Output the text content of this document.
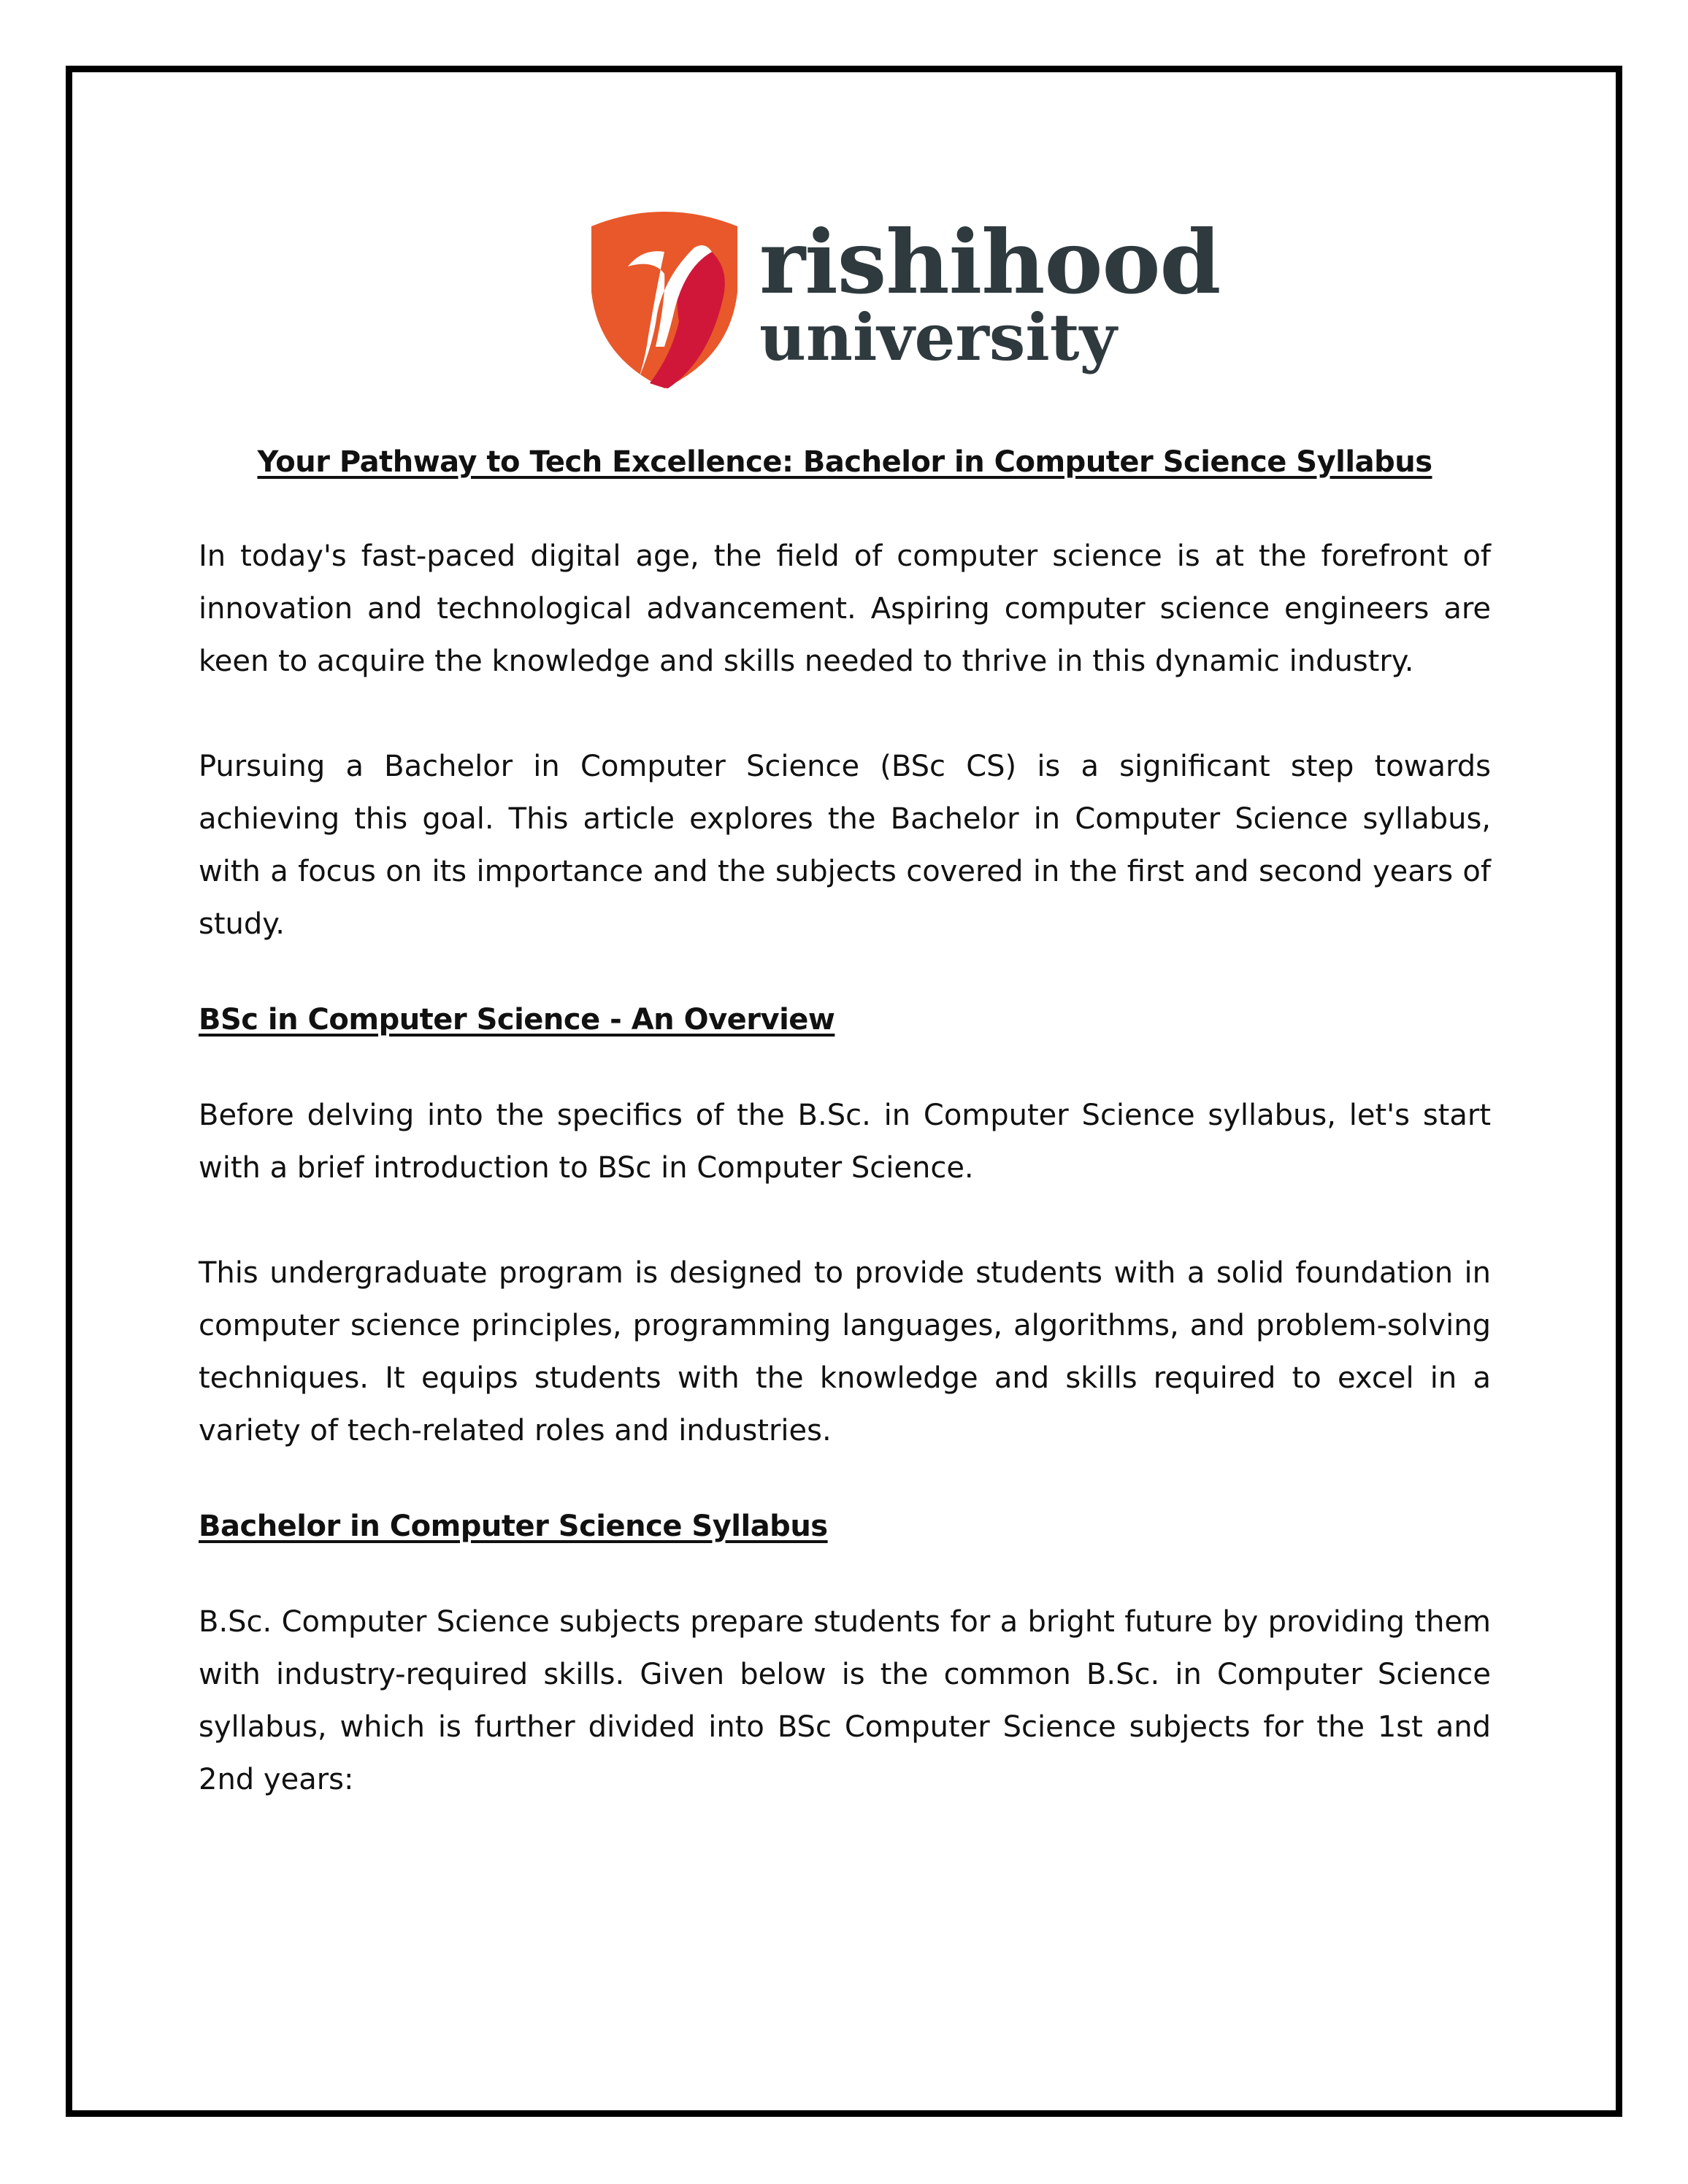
rishihood
university
Your Pathway to Tech Excellence: Bachelor in Computer Science Syllabus

In today's fast-paced digital age, the field of computer science is at the forefront of innovation and technological advancement. Aspiring computer science engineers are keen to acquire the knowledge and skills needed to thrive in this dynamic industry.

Pursuing a Bachelor in Computer Science (BSc CS) is a significant step towards achieving this goal. This article explores the Bachelor in Computer Science syllabus, with a focus on its importance and the subjects covered in the first and second years of study.

BSc in Computer Science - An Overview

Before delving into the specifics of the B.Sc. in Computer Science syllabus, let's start with a brief introduction to BSc in Computer Science.

This undergraduate program is designed to provide students with a solid foundation in computer science principles, programming languages, algorithms, and problem-solving techniques. It equips students with the knowledge and skills required to excel in a variety of tech-related roles and industries.

Bachelor in Computer Science Syllabus

B.Sc. Computer Science subjects prepare students for a bright future by providing them with industry-required skills. Given below is the common B.Sc. in Computer Science syllabus, which is further divided into BSc Computer Science subjects for the 1st and 2nd years:
